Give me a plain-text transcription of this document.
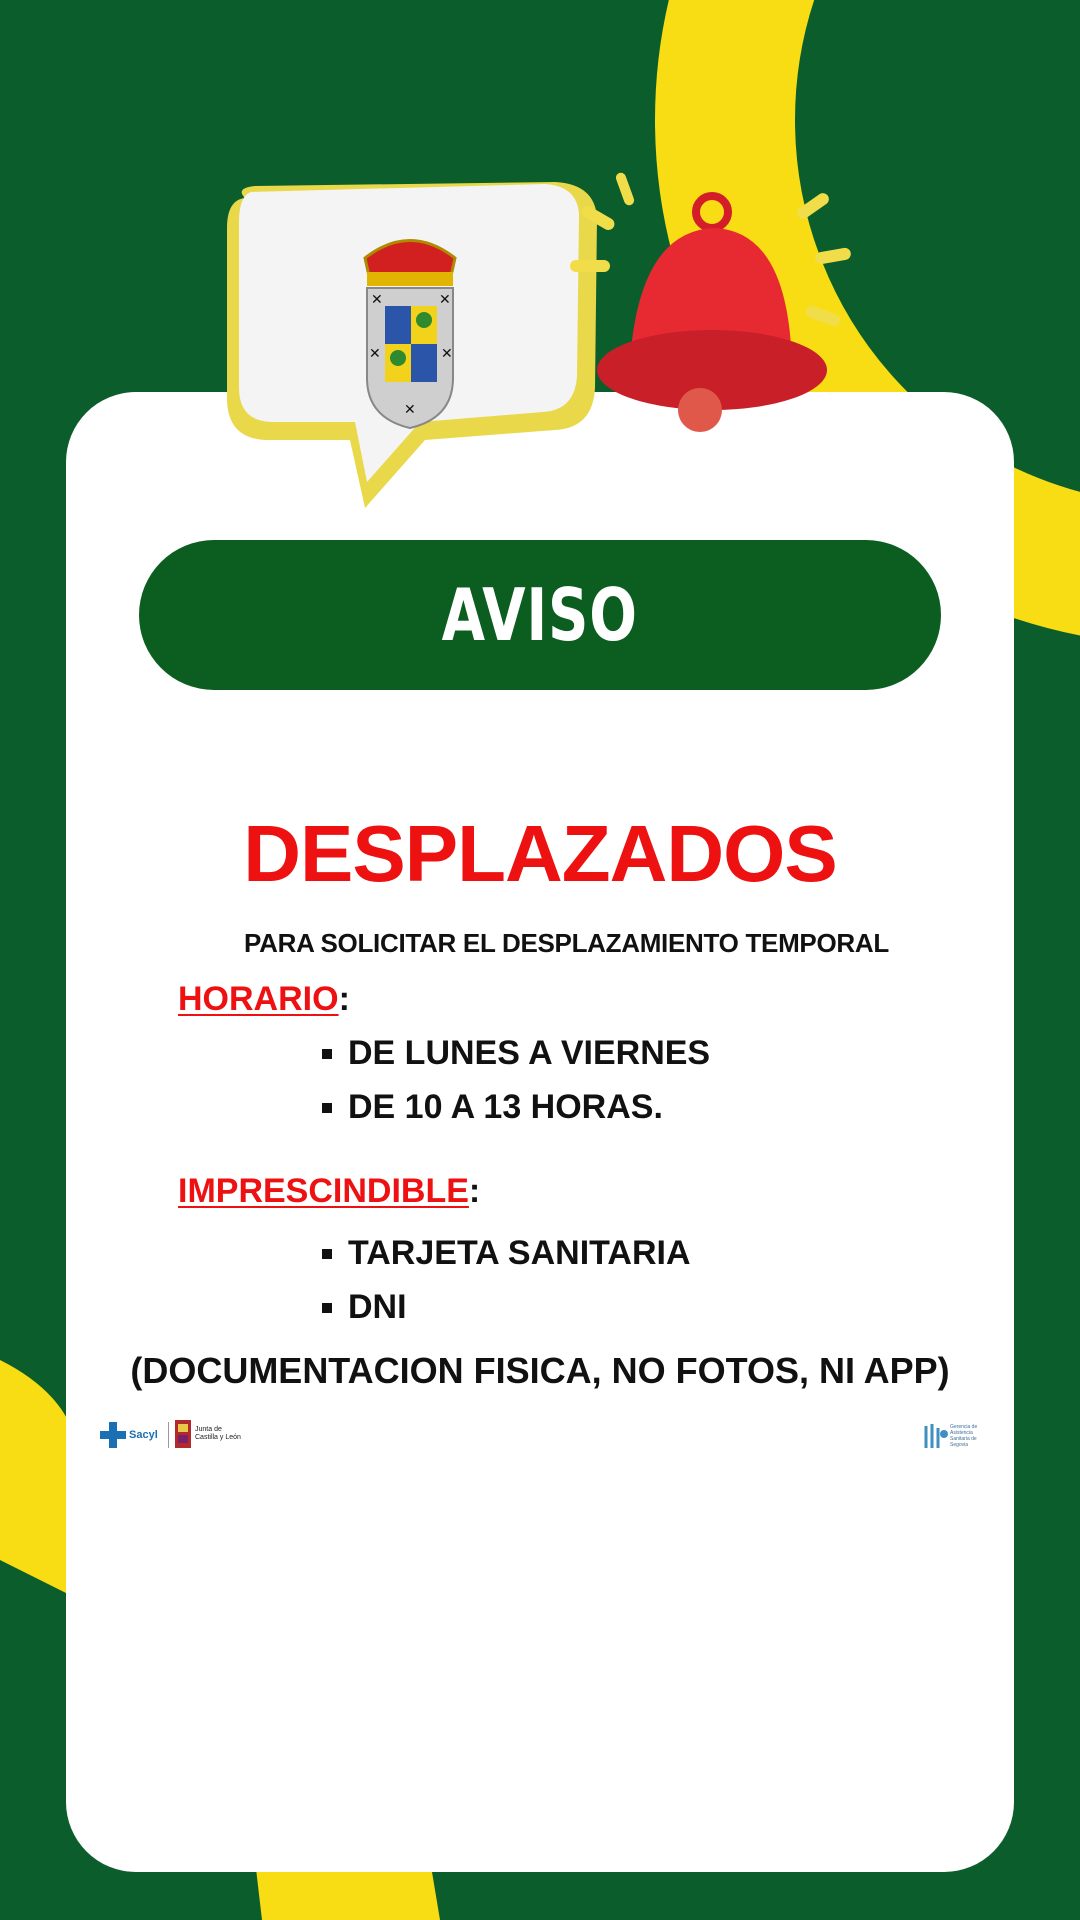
✕	✕
✕	✕
✕
AVISO
DESPLAZADOS
PARA SOLICITAR EL DESPLAZAMIENTO TEMPORAL
HORARIO:
DE LUNES A VIERNES
DE 10 A 13 HORAS.
IMPRESCINDIBLE:
TARJETA SANITARIA
DNI
(DOCUMENTACION FISICA, NO FOTOS, NI APP)
Sacyl	Junta de
Castilla y León
Gerencia de
Asistencia
Sanitaria de
Segovia
